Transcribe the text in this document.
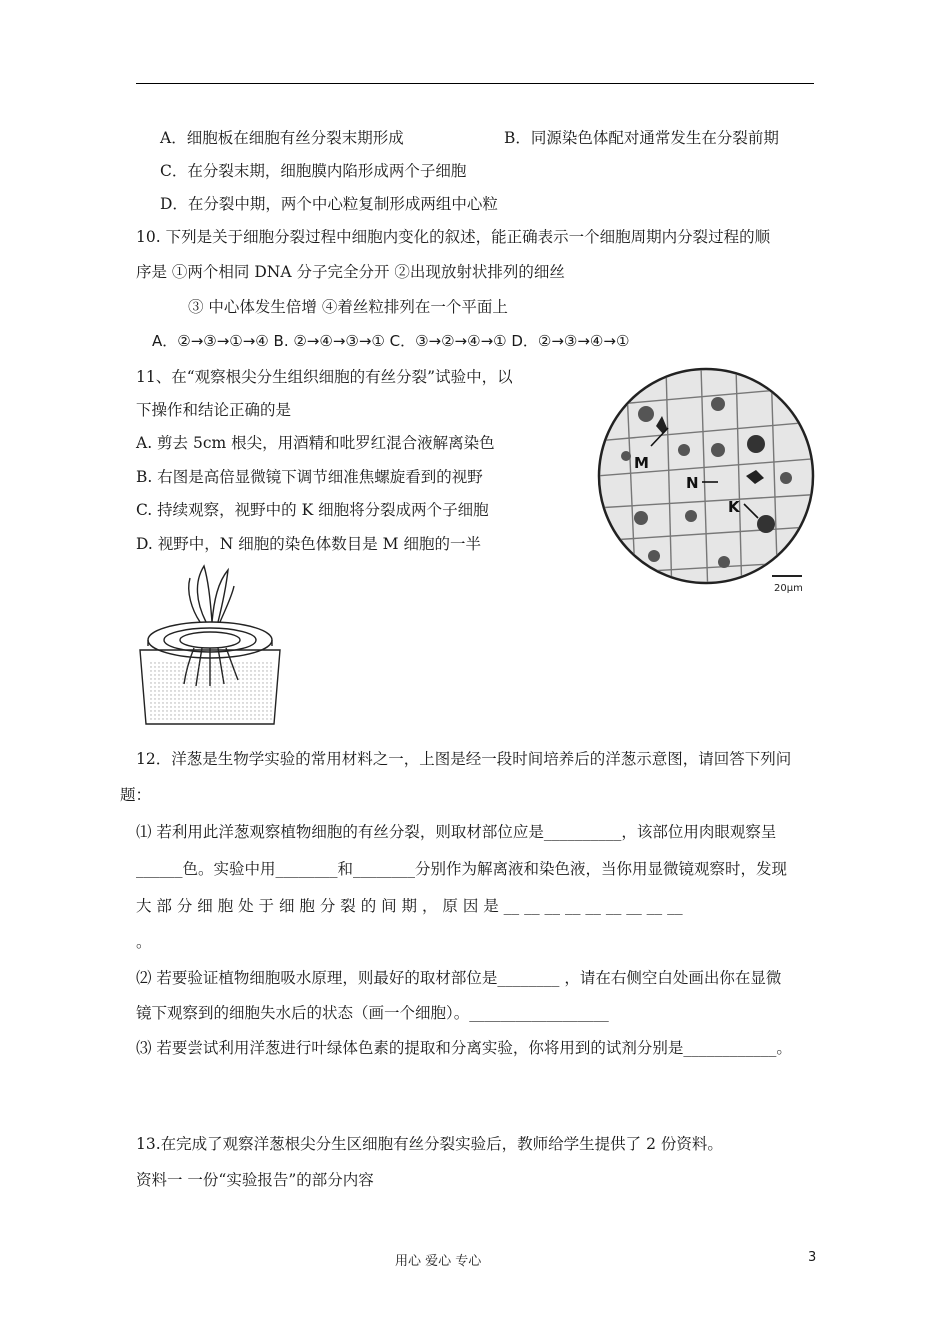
A．细胞板在细胞有丝分裂末期形成	B．同源染色体配对通常发生在分裂前期
C．在分裂末期，细胞膜内陷形成两个子细胞
D．在分裂中期，两个中心粒复制形成两组中心粒
10. 下列是关于细胞分裂过程中细胞内变化的叙述，能正确表示一个细胞周期内分裂过程的顺
序是 ①两个相同 DNA 分子完全分开 ②出现放射状排列的细丝
③ 中心体发生倍增 ④着丝粒排列在一个平面上
A．②→③→①→④ B. ②→④→③→① C．③→②→④→① D．②→③→④→①
11、在“观察根尖分生组织细胞的有丝分裂”试验中，以
下操作和结论正确的是
A. 剪去 5cm 根尖，用酒精和吡罗红混合液解离染色
B. 右图是高倍显微镜下调节细准焦螺旋看到的视野
C. 持续观察，视野中的 K 细胞将分裂成两个子细胞
D. 视野中，N 细胞的染色体数目是 M 细胞的一半
M
N
K
20μm
12．洋葱是生物学实验的常用材料之一，上图是经一段时间培养后的洋葱示意图，请回答下列问
题：
⑴ 若利用此洋葱观察植物细胞的有丝分裂，则取材部位应是__________，该部位用肉眼观察呈
______色。实验中用________和________分别作为解离液和染色液，当你用显微镜观察时，发现
大 部 分 细 胞 处 于 细 胞 分 裂 的 间 期 ， 原 因 是 __ __ __ __ __ __ __ __ __
。
⑵ 若要验证植物细胞吸水原理，则最好的取材部位是________ ，请在右侧空白处画出你在显微
镜下观察到的细胞失水后的状态（画一个细胞）。__________________
⑶ 若要尝试利用洋葱进行叶绿体色素的提取和分离实验，你将用到的试剂分别是____________。
13.在完成了观察洋葱根尖分生区细胞有丝分裂实验后，教师给学生提供了 2 份资料。
资料一 一份“实验报告”的部分内容
用心 爱心 专心	3
